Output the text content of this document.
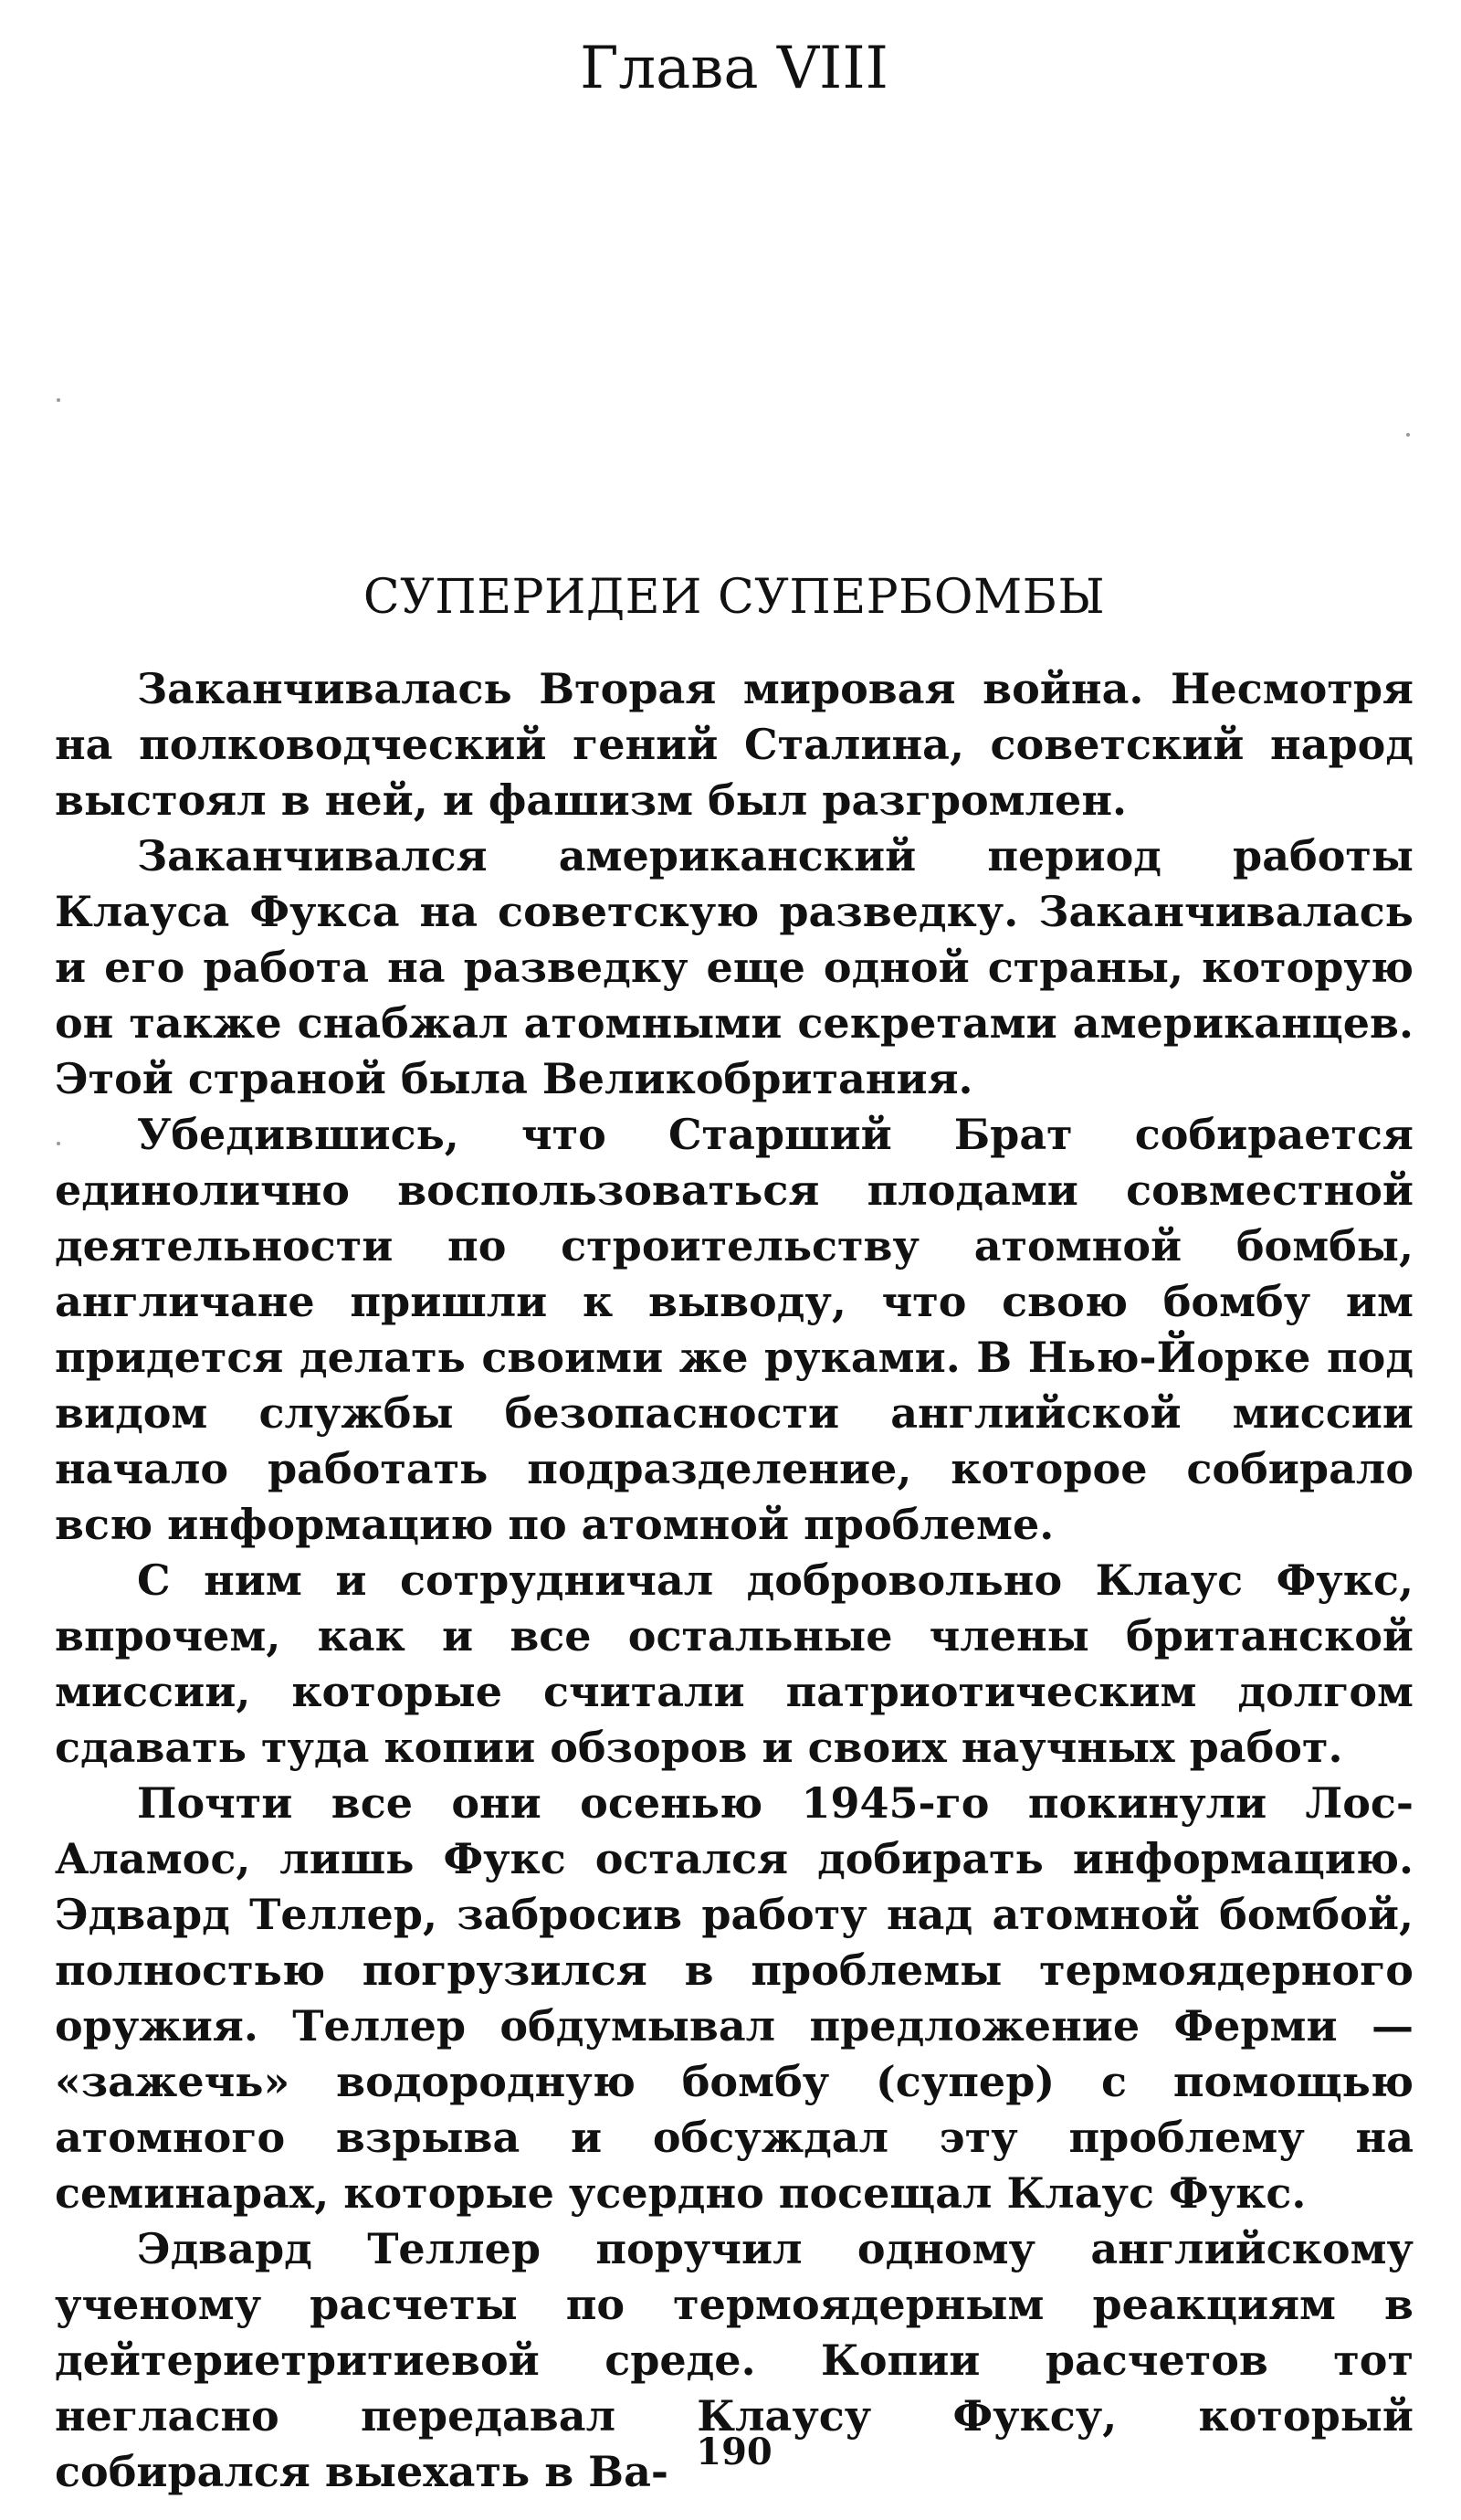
Глава VIII
СУПЕРИДЕИ СУПЕРБОМБЫ

Заканчивалась Вторая мировая война. Несмотря на полководческий гений Сталина, советский народ выстоял в ней, и фашизм был разгромлен.

Заканчивался американский период работы Клауса Фукса на советскую разведку. Заканчивалась и его работа на разведку еще одной страны, которую он также снабжал атомными секретами американцев. Этой страной была Великобритания.

Убедившись, что Старший Брат собирается единолично воспользоваться плодами совместной деятельности по строительству атомной бомбы, англичане пришли к выводу, что свою бомбу им придется делать своими же руками. В Нью-Йорке под видом службы безопасности английской миссии начало работать подразделение, которое собирало всю информацию по атомной проблеме.

С ним и сотрудничал добровольно Клаус Фукс, впрочем, как и все остальные члены британской миссии, которые считали патриотическим долгом сдавать туда копии обзоров и своих научных работ.

Почти все они осенью 1945-го покинули Лос-Аламос, лишь Фукс остался добирать информацию. Эдвард Теллер, забросив работу над атомной бомбой, полностью погрузился в проблемы термоядерного оружия. Теллер обдумывал предложение Ферми — «зажечь» водородную бомбу (супер) с помощью атомного взрыва и обсуждал эту проблему на семинарах, которые усердно посещал Клаус Фукс.

Эдвард Теллер поручил одному английскому ученому расчеты по термоядерным реакциям в дейтериетритиевой среде. Копии расчетов тот негласно передавал Клаусу Фуксу, который собирался выехать в Ва- 190
